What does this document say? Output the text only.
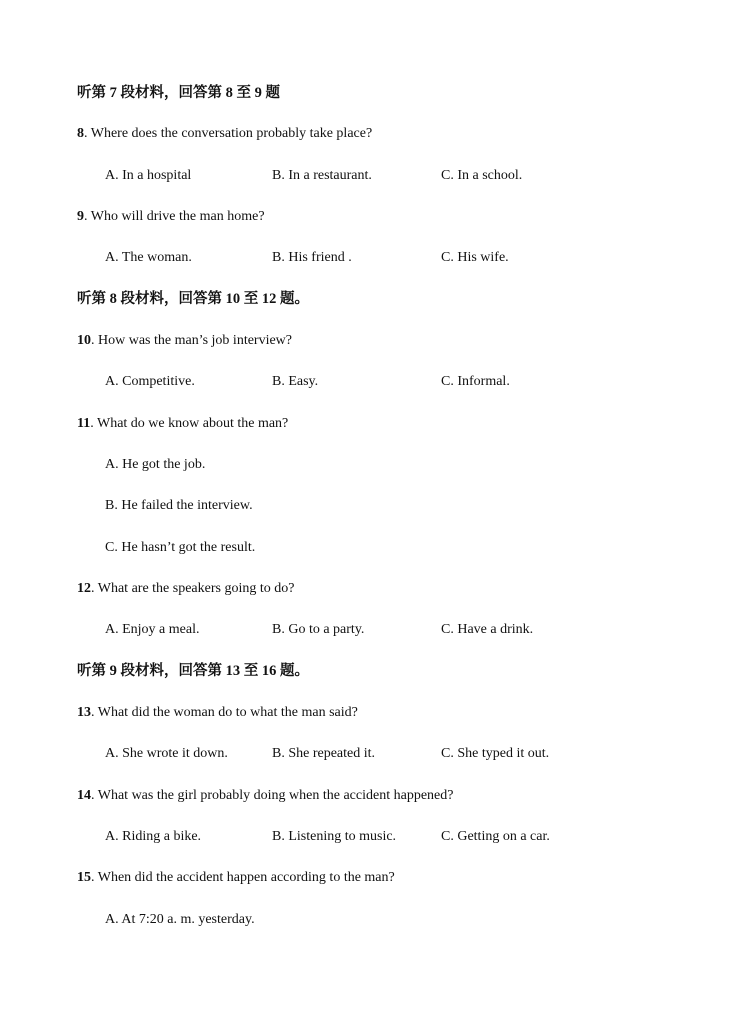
听第 7 段材料，回答第 8 至 9 题
8. Where does the conversation probably take place?
A. In a hospital	B. In a restaurant.	C. In a school.
9. Who will drive the man home?
A. The woman.	B. His friend .	C. His wife.
听第 8 段材料，回答第 10 至 12 题。
10. How was the man’s job interview?
A. Competitive.	B. Easy.	C. Informal.
11. What do we know about the man?
A. He got the job.
B. He failed the interview.
C. He hasn’t got the result.
12. What are the speakers going to do?
A. Enjoy a meal.	B. Go to a party.	C. Have a drink.
听第 9 段材料，回答第 13 至 16 题。
13. What did the woman do to what the man said?
A. She wrote it down.	B. She repeated it.	C. She typed it out.
14. What was the girl probably doing when the accident happened?
A. Riding a bike.	B. Listening to music.	C. Getting on a car.
15. When did the accident happen according to the man?
A. At 7:20 a. m. yesterday.
